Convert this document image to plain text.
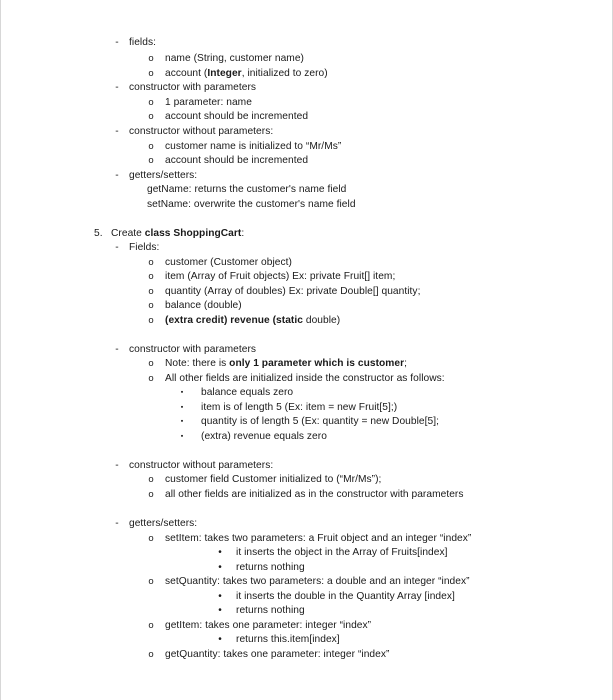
-	fields:
o name (String, customer name)
o account (Integer, initialized to zero)
-	constructor with parameters
o 1 parameter: name
o account should be incremented
-	constructor without parameters:
o customer name is initialized to “Mr/Ms”
o account should be incremented
-	getters/setters:
getName: returns the customer's name field
setName: overwrite the customer's name field
5. Create class ShoppingCart:
-	Fields:
o customer (Customer object)
o item (Array of Fruit objects) Ex: private Fruit[] item;
o quantity (Array of doubles) Ex: private Double[] quantity;
o balance (double)
o (extra credit) revenue (static double)
-	constructor with parameters
o Note: there is only 1 parameter which is customer;
o All other fields are initialized inside the constructor as follows:
▪	balance equals zero
▪	item is of length 5 (Ex: item = new Fruit[5];)
▪	quantity is of length 5 (Ex: quantity = new Double[5];
▪	(extra) revenue equals zero
-	constructor without parameters:
o customer field Customer initialized to (“Mr/Ms”);
o all other fields are initialized as in the constructor with parameters
-	getters/setters:
o setItem: takes two parameters: a Fruit object and an integer “index”
•	it inserts the object in the Array of Fruits[index]
•	returns nothing
o setQuantity: takes two parameters: a double and an integer “index”
•	it inserts the double in the Quantity Array [index]
•	returns nothing
o getItem: takes one parameter: integer “index”
•	returns this.item[index]
o getQuantity: takes one parameter: integer “index”
